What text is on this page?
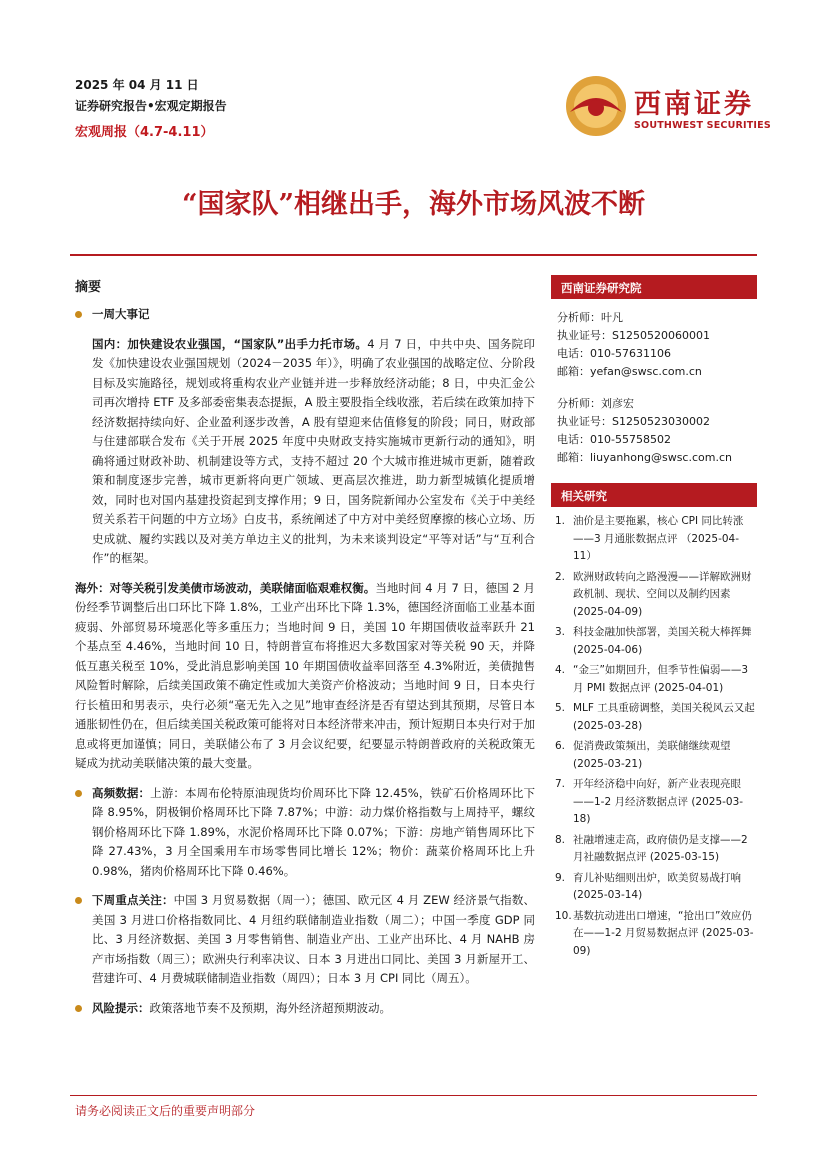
2025 年 04 月 11 日
证券研究报告•宏观定期报告
宏观周报（4.7-4.11）
西南证券
SOUTHWEST SECURITIES
“国家队”相继出手，海外市场风波不断
摘要
一周大事记
国内：加快建设农业强国，“国家队”出手力托市场。4 月 7 日，中共中央、国务院印发《加快建设农业强国规划（2024－2035 年）》，明确了农业强国的战略定位、分阶段目标及实施路径，规划或将重构农业产业链并进一步释放经济动能；8 日，中央汇金公司再次增持 ETF 及多部委密集表态提振，A 股主要股指全线收涨，若后续在政策加持下经济数据持续向好、企业盈利逐步改善，A 股有望迎来估值修复的阶段；同日，财政部与住建部联合发布《关于开展 2025 年度中央财政支持实施城市更新行动的通知》，明确将通过财政补助、机制建设等方式，支持不超过 20 个大城市推进城市更新，随着政策和制度逐步完善，城市更新将向更广领域、更高层次推进，助力新型城镇化提质增效，同时也对国内基建投资起到支撑作用；9 日，国务院新闻办公室发布《关于中美经贸关系若干问题的中方立场》白皮书，系统阐述了中方对中美经贸摩擦的核心立场、历史成就、履约实践以及对美方单边主义的批判，为未来谈判设定“平等对话”与“互利合作”的框架。
海外：对等关税引发美债市场波动，美联储面临艰难权衡。当地时间 4 月 7 日，德国 2 月份经季节调整后出口环比下降 1.8%，工业产出环比下降 1.3%，德国经济面临工业基本面疲弱、外部贸易环境恶化等多重压力；当地时间 9 日，美国 10 年期国债收益率跃升 21 个基点至 4.46%，当地时间 10 日，特朗普宣布将推迟大多数国家对等关税 90 天，并降低互惠关税至 10%，受此消息影响美国 10 年期国债收益率回落至 4.3%附近，美债抛售风险暂时解除，后续美国政策不确定性或加大美资产价格波动；当地时间 9 日，日本央行行长植田和男表示，央行必须“毫无先入之见”地审查经济是否有望达到其预期，尽管日本通胀韧性仍在，但后续美国关税政策可能将对日本经济带来冲击，预计短期日本央行对于加息或将更加谨慎；同日，美联储公布了 3 月会议纪要，纪要显示特朗普政府的关税政策无疑成为扰动美联储决策的最大变量。
高频数据：上游：本周布伦特原油现货均价周环比下降 12.45%，铁矿石价格周环比下降 8.95%，阴极铜价格周环比下降 7.87%；中游：动力煤价格指数与上周持平，螺纹钢价格周环比下降 1.89%，水泥价格周环比下降 0.07%；下游：房地产销售周环比下降 27.43%，3 月全国乘用车市场零售同比增长 12%；物价：蔬菜价格周环比上升 0.98%，猪肉价格周环比下降 0.46%。
下周重点关注：中国 3 月贸易数据（周一）；德国、欧元区 4 月 ZEW 经济景气指数、美国 3 月进口价格指数同比、4 月纽约联储制造业指数（周二）；中国一季度 GDP 同比、3 月经济数据、美国 3 月零售销售、制造业产出、工业产出环比、4 月 NAHB 房产市场指数（周三）；欧洲央行利率决议、日本 3 月进出口同比、美国 3 月新屋开工、营建许可、4 月费城联储制造业指数（周四）；日本 3 月 CPI 同比（周五）。
风险提示：政策落地节奏不及预期，海外经济超预期波动。
西南证券研究院
分析师：叶凡
执业证号：S1250520060001
电话：010-57631106
邮箱：yefan@swsc.com.cn
分析师：刘彦宏
执业证号：S1250523030002
电话：010-55758502
邮箱：liuyanhong@swsc.com.cn
相关研究
1. 油价是主要拖累，核心 CPI 同比转涨——3 月通胀数据点评 （2025-04-11）
2. 欧洲财政转向之路漫漫——详解欧洲财政机制、现状、空间以及制约因素 (2025-04-09)
3. 科技金融加快部署，美国关税大棒挥舞 (2025-04-06)
4. “金三”如期回升，但季节性偏弱——3 月 PMI 数据点评 (2025-04-01)
5. MLF 工具重磅调整，美国关税风云又起 (2025-03-28)
6. 促消费政策频出，美联储继续观望 (2025-03-21)
7. 开年经济稳中向好，新产业表现亮眼——1-2 月经济数据点评 (2025-03-18)
8. 社融增速走高，政府债仍是支撑——2 月社融数据点评 (2025-03-15)
9. 育儿补贴细则出炉，欧美贸易战打响 (2025-03-14)
10. 基数抗动进出口增速，“抢出口”效应仍在——1-2 月贸易数据点评 (2025-03-09)
请务必阅读正文后的重要声明部分
